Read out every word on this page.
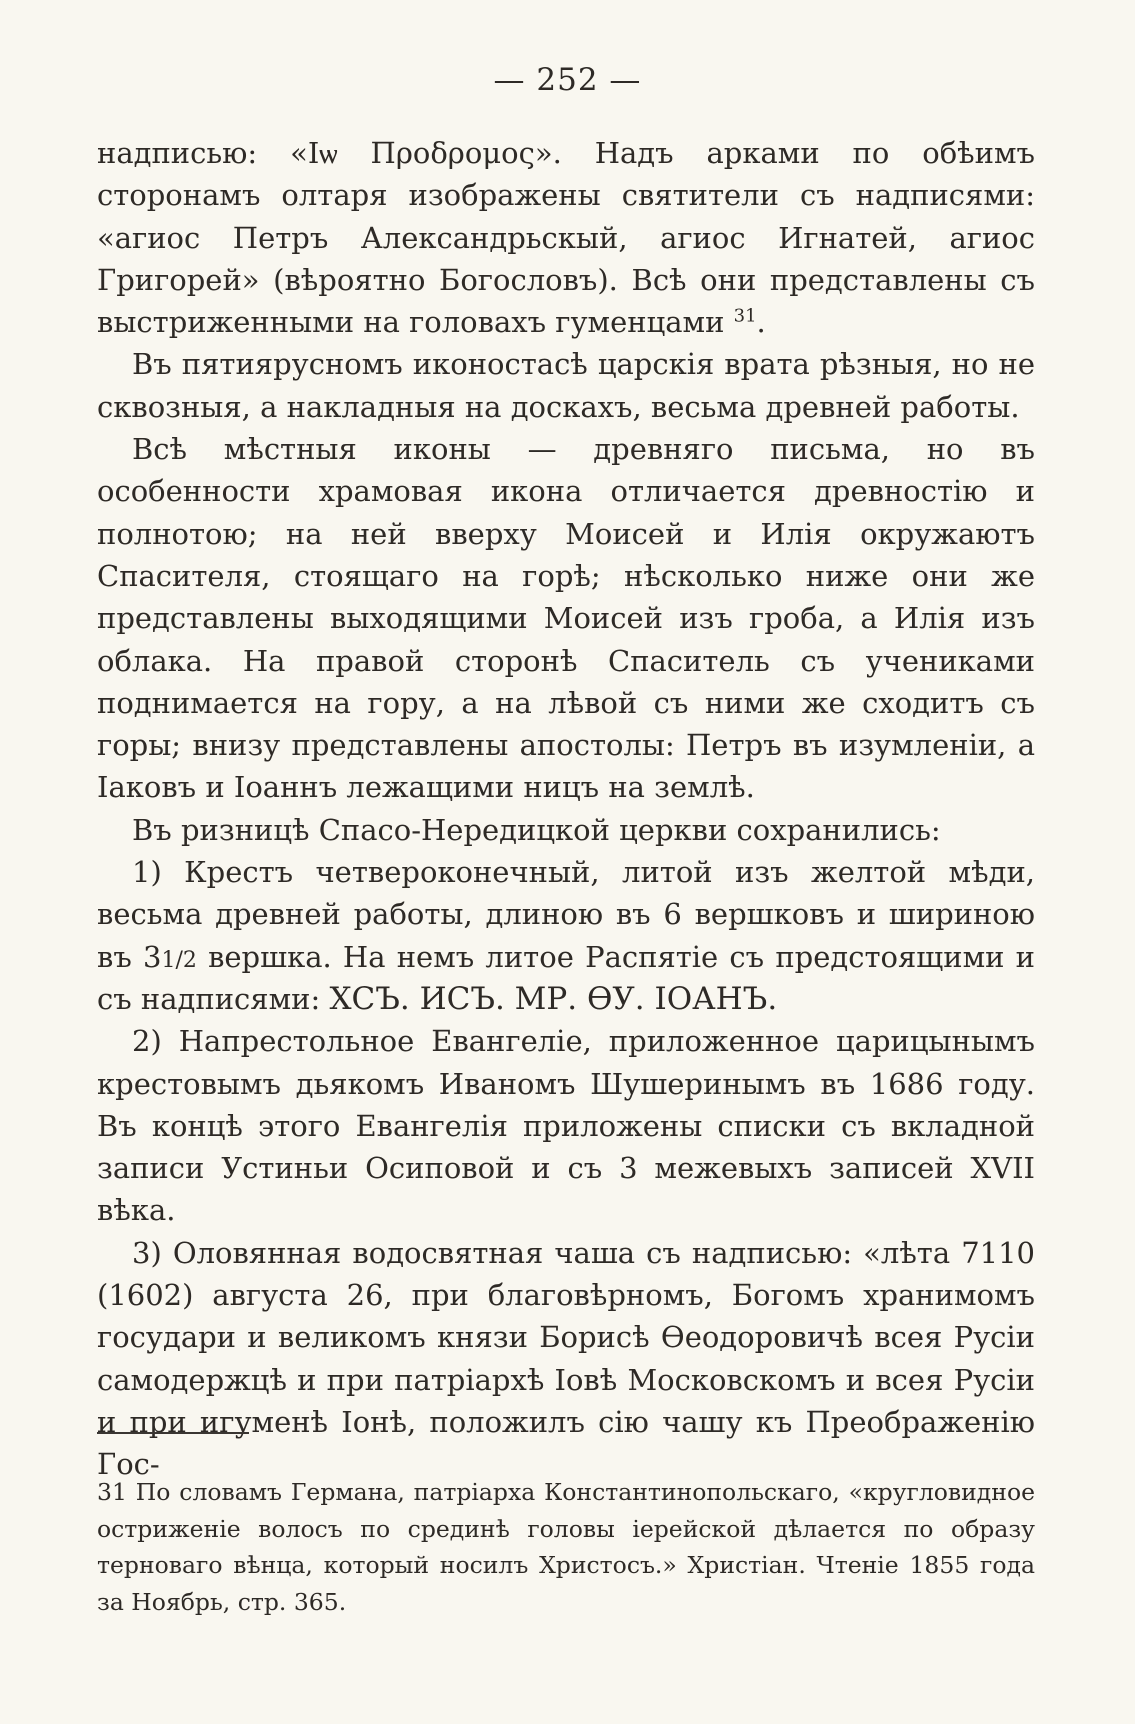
— 252 —

надписью: «Іѡ Προδρομος». Надъ арками по обѣимъ сторонамъ олтаря изображены святители съ надписями: «агиос Петръ Александрьскый, агиос Игнатей, агиос Григорей» (вѣроятно Богословъ). Всѣ они представлены съ выстриженными на головахъ гуменцами $^{31}$.

Въ пятиярусномъ иконостасѣ царскія врата рѣзныя, но не сквозныя, а накладныя на доскахъ, весьма древней работы.

Всѣ мѣстныя иконы — древняго письма, но въ особенности храмовая икона отличается древностію и полнотою; на ней вверху Моисей и Илія окружаютъ Спасителя, стоящаго на горѣ; нѣсколько ниже они же представлены выходящими Моисей изъ гроба, а Илія изъ облака. На правой сторонѣ Спаситель съ учениками поднимается на гору, а на лѣвой съ ними же сходитъ съ горы; внизу представлены апостолы: Петръ въ изумленіи, а Іаковъ и Іоаннъ лежащими ницъ на землѣ.

Въ ризницѣ Спасо-Нередицкой церкви сохранились:

1) Крестъ четвероконечный, литой изъ желтой мѣди, весьма древней работы, длиною въ 6 вершковъ и шириною въ 31/2 вершка. На немъ литое Распятіе съ предстоящими и съ надписями: ХСЪ. ИСЪ. МР. ѲУ. ІОАНЪ.

2) Напрестольное Евангеліе, приложенное царицынымъ крестовымъ дьякомъ Иваномъ Шушеринымъ въ 1686 году. Въ концѣ этого Евангелія приложены списки съ вкладной записи Устиньи Осиповой и съ 3 межевыхъ записей XVII вѣка.

3) Оловянная водосвятная чаша съ надписью: «лѣта 7110 (1602) августа 26, при благовѣрномъ, Богомъ хранимомъ государи и великомъ князи Борисѣ Ѳеодоровичѣ всея Русіи самодержцѣ и при патріархѣ Іовѣ Московскомъ и всея Русіи и при игуменѣ Іонѣ, положилъ сію чашу къ Преображенію Гос-

31 По словамъ Германа, патріарха Константинопольскаго, «кругловидное остриженіе волосъ по срединѣ головы іерейской дѣлается по образу терноваго вѣнца, который носилъ Христосъ.» Христіан. Чтеніе 1855 года за Ноябрь, стр. 365.
